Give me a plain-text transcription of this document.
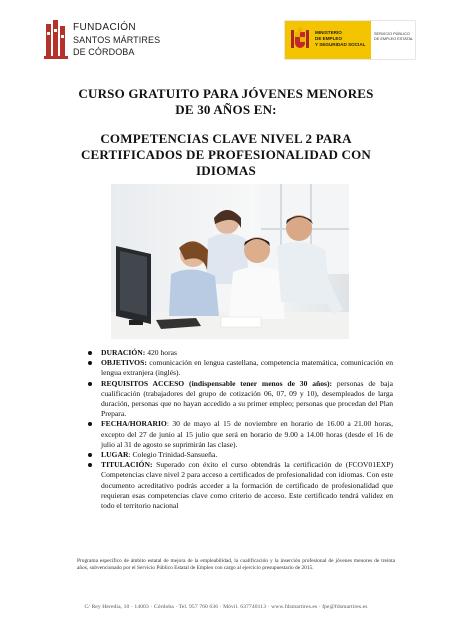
FUNDACIÓN
SANTOS MÁRTIRES
DE CÓRDOBA
MINISTERIO
DE EMPLEO
Y SEGURIDAD SOCIAL
SERVICIO PÚBLICO
DE EMPLEO ESTATAL
CURSO GRATUITO PARA JÓVENES MENORES
DE 30 AÑOS EN:
COMPETENCIAS CLAVE NIVEL 2 PARA
CERTIFICADOS DE PROFESIONALIDAD CON
IDIOMAS
DURACIÓN: 420 horas
OBJETIVOS: comunicación en lengua castellana, competencia matemática, comunicación en lengua extranjera (inglés).
REQUISITOS ACCESO (indispensable tener menos de 30 años): personas de baja cualificación (trabajadores del grupo de cotización 06, 07, 09 y 10), desempleados de larga duración, personas que no hayan accedido a su primer empleo; personas que procedan del Plan Prepara.
FECHA/HORARIO: 30 de mayo al 15 de noviembre en horario de 16.00 a 21.00 horas, excepto del 27 de junio al 15 julio que será en horario de 9.00 a 14.00 horas (desde el 16 de julio al 31 de agosto se suprimirán las clase).
LUGAR: Colegio Trinidad-Sansueña.
TITULACIÓN: Superado con éxito el curso obtendrás la certificación de (FCOV01EXP) Competencias clave nivel 2 para acceso a certificados de profesionalidad con idiomas. Con este documento acreditativo podrás acceder a la formación de certificado de profesionalidad que requieran esas competencias clave como criterio de acceso. Este certificado tendrá validez en todo el territorio nacional
Programa específico de ámbito estatal de mejora de la empleabilidad, la cualificación y la inserción profesional de jóvenes menores de treinta años, subvencionado por el Servicio Público Estatal de Empleo con cargo al ejercicio presupuestario de 2015.
C/ Rey Heredia, 10 · 14003 · Córdoba · Tel. 957 760 636 · Móvil. 637740113 · www.fdsmartires.es · fpe@fdsmartires.es
